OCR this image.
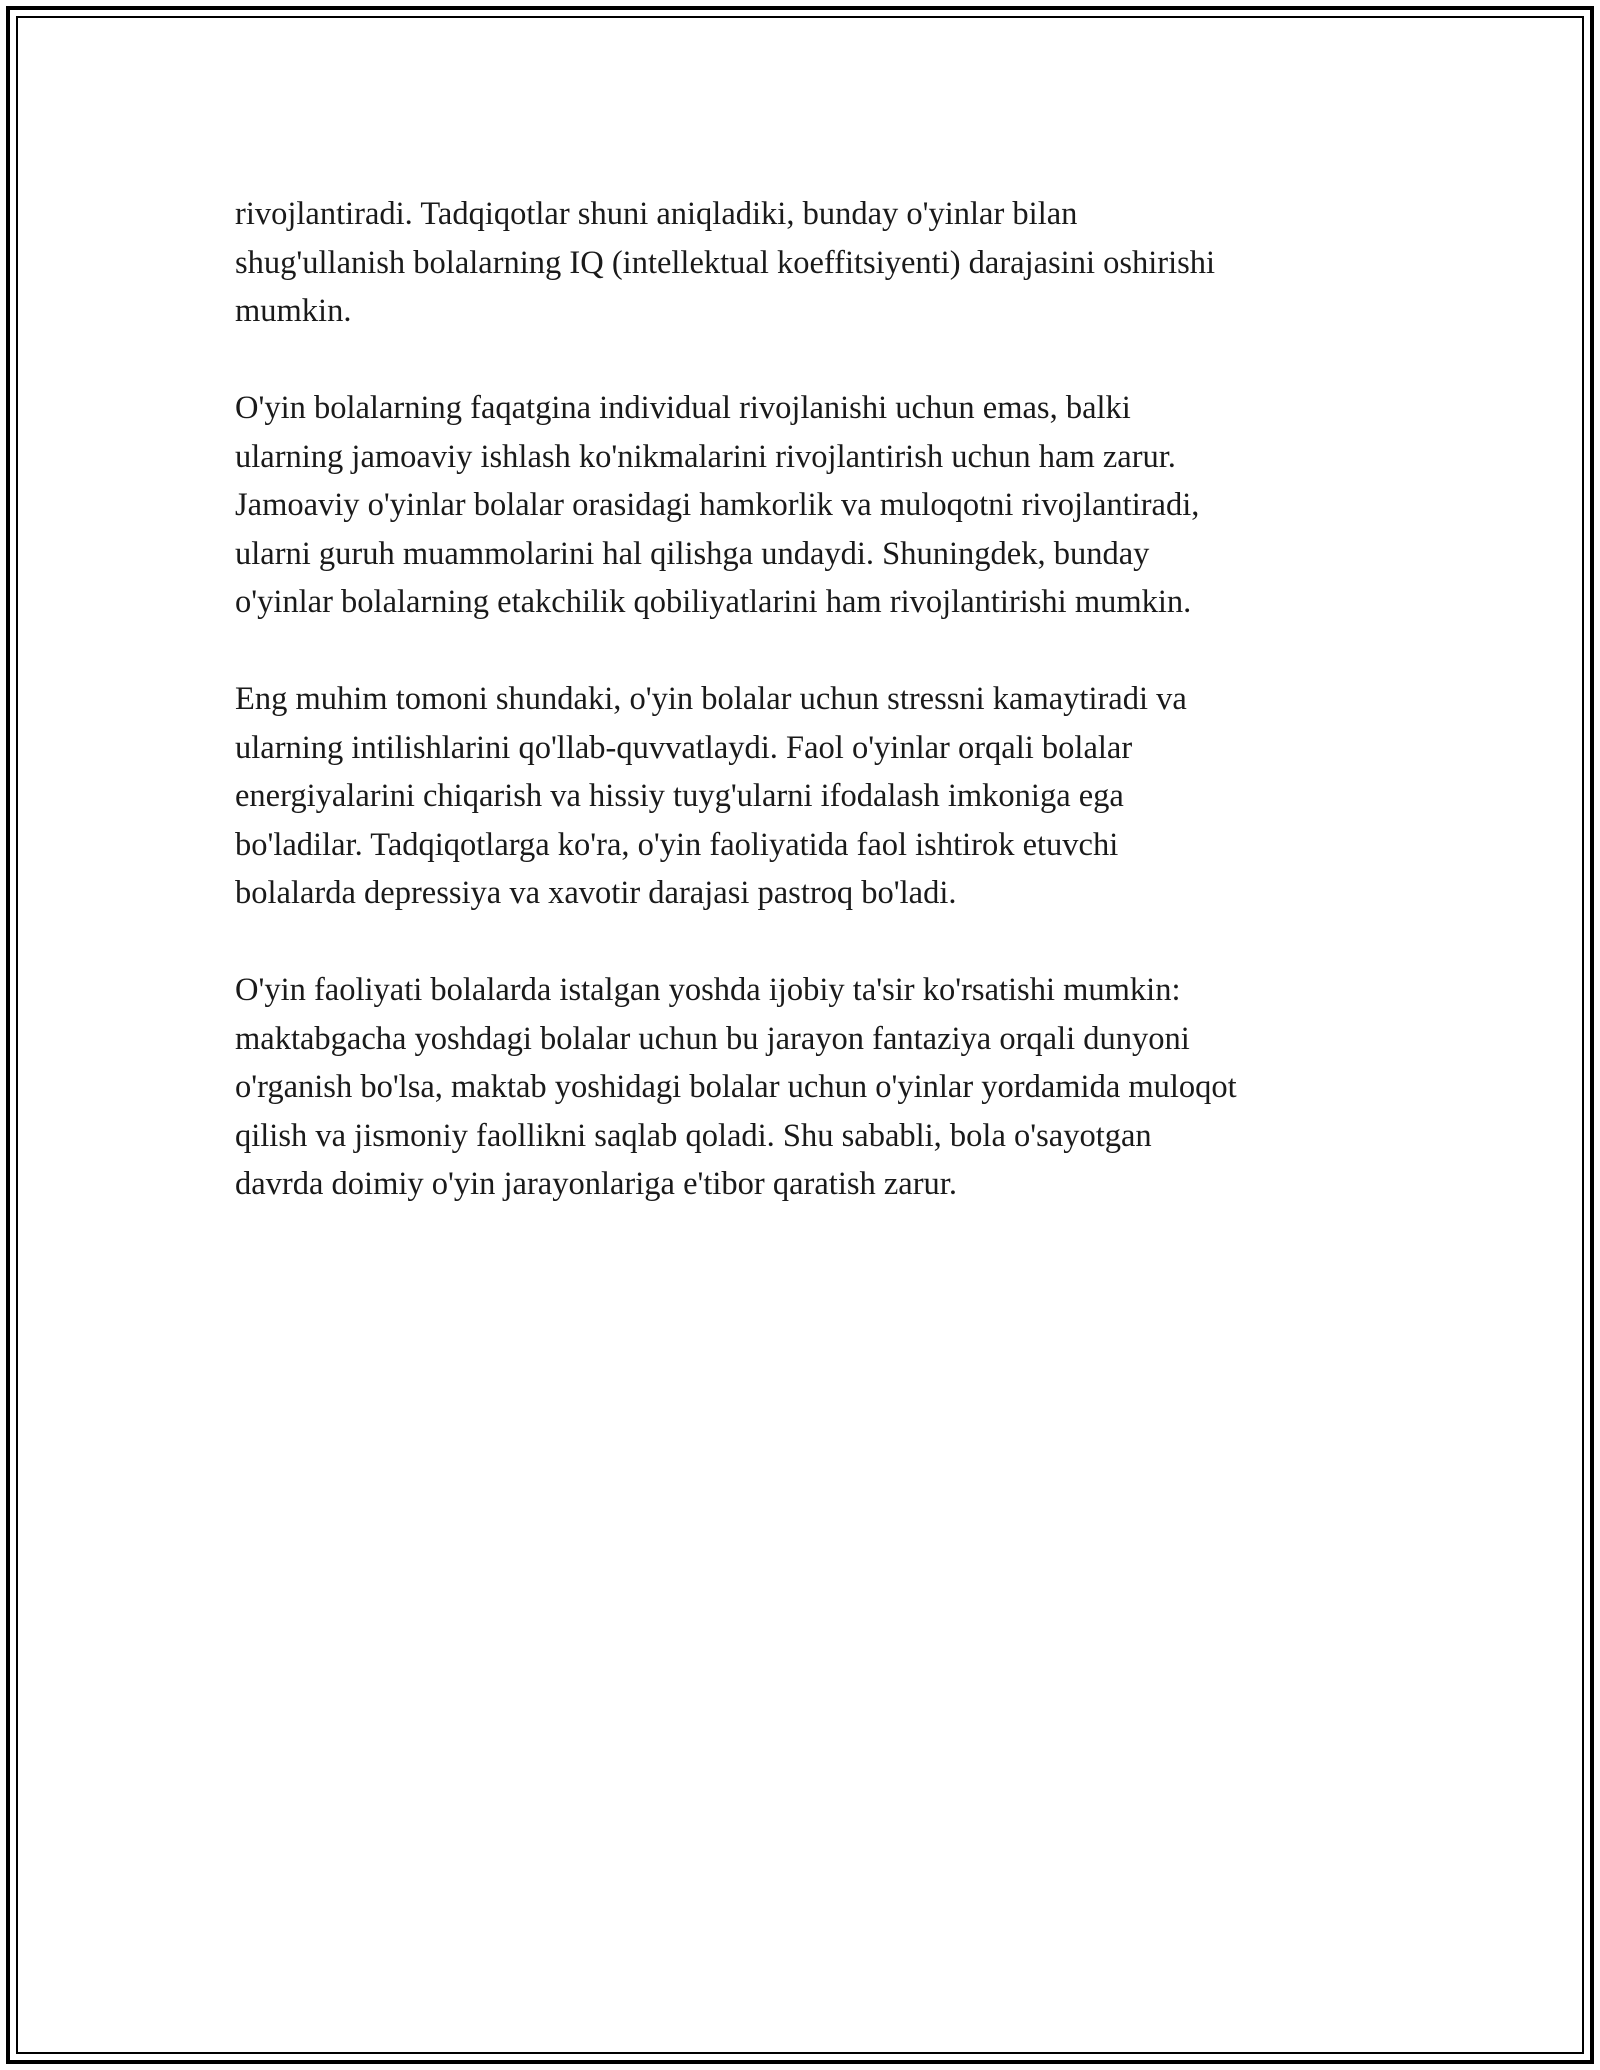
rivojlantiradi. Tadqiqotlar shuni aniqladiki, bunday o'yinlar bilan
shug'ullanish bolalarning IQ (intellektual koeffitsiyenti) darajasini oshirishi
mumkin.

O'yin bolalarning faqatgina individual rivojlanishi uchun emas, balki
ularning jamoaviy ishlash ko'nikmalarini rivojlantirish uchun ham zarur.
Jamoaviy o'yinlar bolalar orasidagi hamkorlik va muloqotni rivojlantiradi,
ularni guruh muammolarini hal qilishga undaydi. Shuningdek, bunday
o'yinlar bolalarning etakchilik qobiliyatlarini ham rivojlantirishi mumkin.

Eng muhim tomoni shundaki, o'yin bolalar uchun stressni kamaytiradi va
ularning intilishlarini qo'llab-quvvatlaydi. Faol o'yinlar orqali bolalar
energiyalarini chiqarish va hissiy tuyg'ularni ifodalash imkoniga ega
bo'ladilar. Tadqiqotlarga ko'ra, o'yin faoliyatida faol ishtirok etuvchi
bolalarda depressiya va xavotir darajasi pastroq bo'ladi.

O'yin faoliyati bolalarda istalgan yoshda ijobiy ta'sir ko'rsatishi mumkin:
maktabgacha yoshdagi bolalar uchun bu jarayon fantaziya orqali dunyoni
o'rganish bo'lsa, maktab yoshidagi bolalar uchun o'yinlar yordamida muloqot
qilish va jismoniy faollikni saqlab qoladi. Shu sababli, bola o'sayotgan
davrda doimiy o'yin jarayonlariga e'tibor qaratish zarur.
